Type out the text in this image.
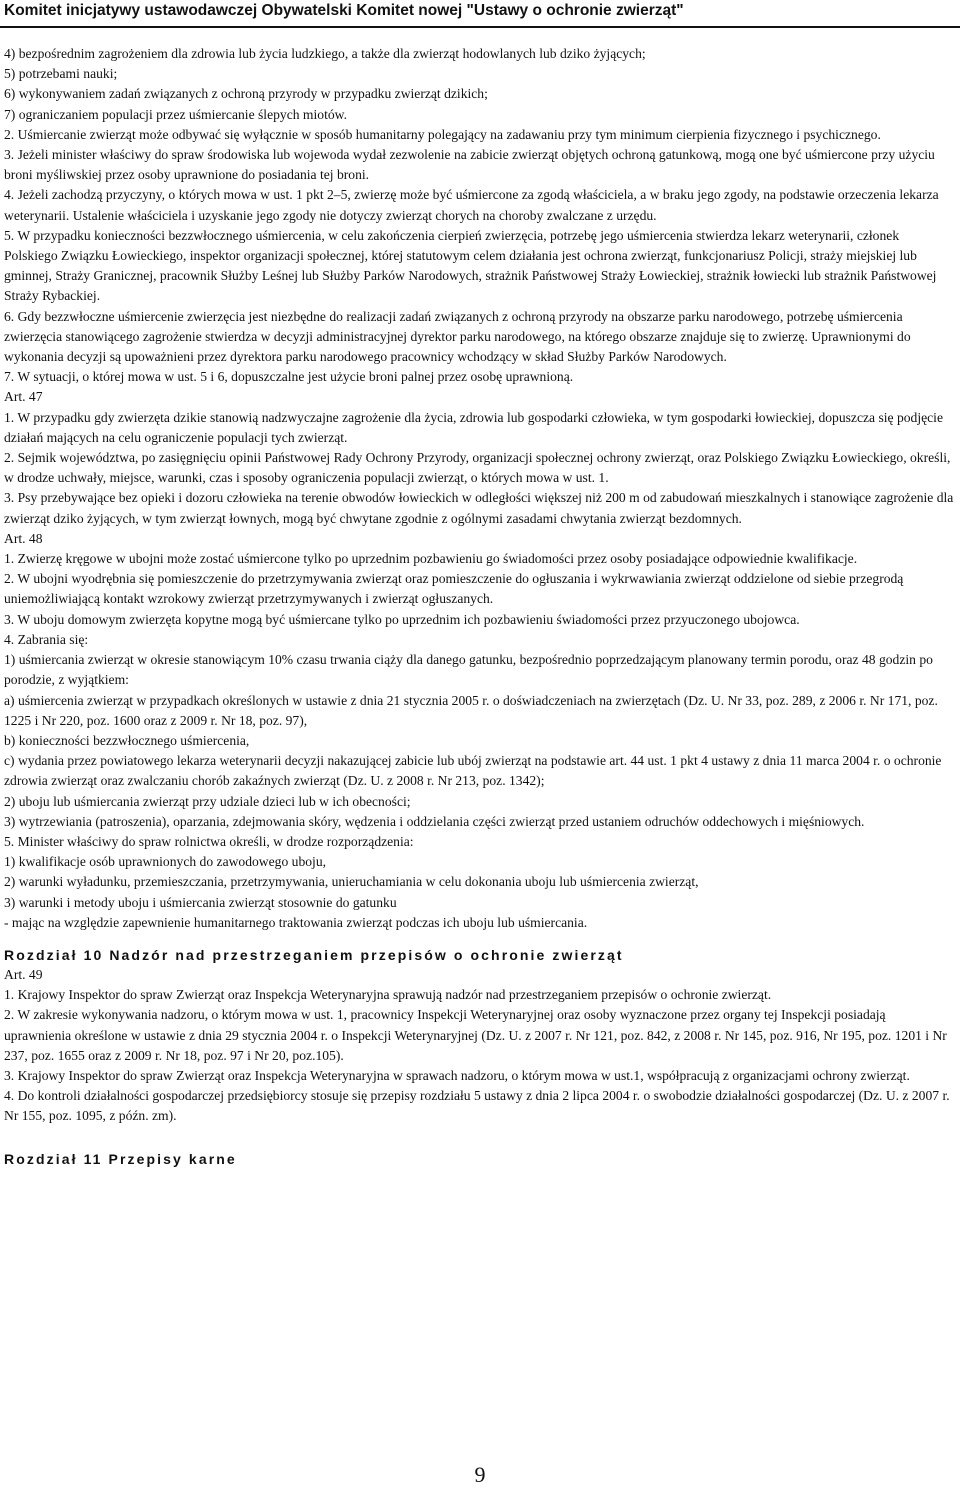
Komitet inicjatywy ustawodawczej Obywatelski Komitet nowej "Ustawy o ochronie zwierząt"
4) bezpośrednim zagrożeniem dla zdrowia lub życia ludzkiego, a także dla zwierząt hodowlanych lub dziko żyjących;
5) potrzebami nauki;
6) wykonywaniem zadań związanych z ochroną przyrody w przypadku zwierząt dzikich;
7) ograniczaniem populacji przez uśmiercanie ślepych miotów.
2. Uśmiercanie zwierząt może odbywać się wyłącznie w sposób humanitarny polegający na zadawaniu przy tym minimum cierpienia fizycznego i psychicznego.
3. Jeżeli minister właściwy do spraw środowiska lub wojewoda wydał zezwolenie na zabicie zwierząt objętych ochroną gatunkową, mogą one być uśmiercone przy użyciu broni myśliwskiej przez osoby uprawnione do posiadania tej broni.
4. Jeżeli zachodzą przyczyny, o których mowa w ust. 1 pkt 2–5, zwierzę może być uśmiercone za zgodą właściciela, a w braku jego zgody, na podstawie orzeczenia lekarza weterynarii. Ustalenie właściciela i uzyskanie jego zgody nie dotyczy zwierząt chorych na choroby zwalczane z urzędu.
5. W przypadku konieczności bezzwłocznego uśmiercenia, w celu zakończenia cierpień zwierzęcia, potrzebę jego uśmiercenia stwierdza lekarz weterynarii, członek Polskiego Związku Łowieckiego, inspektor organizacji społecznej, której statutowym celem działania jest ochrona zwierząt, funkcjonariusz Policji, straży miejskiej lub gminnej, Straży Granicznej, pracownik Służby Leśnej lub Służby Parków Narodowych, strażnik Państwowej Straży Łowieckiej, strażnik łowiecki lub strażnik Państwowej Straży Rybackiej.
6. Gdy bezzwłoczne uśmiercenie zwierzęcia jest niezbędne do realizacji zadań związanych z ochroną przyrody na obszarze parku narodowego, potrzebę uśmiercenia zwierzęcia stanowiącego zagrożenie stwierdza w decyzji administracyjnej dyrektor parku narodowego, na którego obszarze znajduje się to zwierzę. Uprawnionymi do wykonania decyzji są upoważnieni przez dyrektora parku narodowego pracownicy wchodzący w skład Służby Parków Narodowych.
7. W sytuacji, o której mowa w ust. 5 i 6, dopuszczalne jest użycie broni palnej przez osobę uprawnioną.
Art. 47
1. W przypadku gdy zwierzęta dzikie stanowią nadzwyczajne zagrożenie dla życia, zdrowia lub gospodarki człowieka, w tym gospodarki łowieckiej, dopuszcza się podjęcie działań mających na celu ograniczenie populacji tych zwierząt.
2. Sejmik województwa, po zasięgnięciu opinii Państwowej Rady Ochrony Przyrody, organizacji społecznej ochrony zwierząt, oraz Polskiego Związku Łowieckiego, określi, w drodze uchwały, miejsce, warunki, czas i sposoby ograniczenia populacji zwierząt, o których mowa w ust. 1.
3. Psy przebywające bez opieki i dozoru człowieka na terenie obwodów łowieckich w odległości większej niż 200 m od zabudowań mieszkalnych i stanowiące zagrożenie dla zwierząt dziko żyjących, w tym zwierząt łownych, mogą być chwytane zgodnie z ogólnymi zasadami chwytania zwierząt bezdomnych.
Art. 48
1. Zwierzę kręgowe w ubojni może zostać uśmiercone tylko po uprzednim pozbawieniu go świadomości przez osoby posiadające odpowiednie kwalifikacje.
2. W ubojni wyodrębnia się pomieszczenie do przetrzymywania zwierząt oraz pomieszczenie do ogłuszania i wykrwawiania zwierząt oddzielone od siebie przegrodą uniemożliwiającą kontakt wzrokowy zwierząt przetrzymywanych i zwierząt ogłuszanych.
3. W uboju domowym zwierzęta kopytne mogą być uśmiercane tylko po uprzednim ich pozbawieniu świadomości przez przyuczonego ubojowca.
4. Zabrania się:
1) uśmiercania zwierząt w okresie stanowiącym 10% czasu trwania ciąży dla danego gatunku, bezpośrednio poprzedzającym planowany termin porodu, oraz 48 godzin po porodzie, z wyjątkiem:
a) uśmiercenia zwierząt w przypadkach określonych w ustawie z dnia 21 stycznia 2005 r. o doświadczeniach na zwierzętach (Dz. U. Nr 33, poz. 289, z 2006 r. Nr 171, poz. 1225 i Nr 220, poz. 1600 oraz z 2009 r. Nr 18, poz. 97),
b) konieczności bezzwłocznego uśmiercenia,
c) wydania przez powiatowego lekarza weterynarii decyzji nakazującej zabicie lub ubój zwierząt na podstawie art. 44 ust. 1 pkt 4 ustawy z dnia 11 marca 2004 r. o ochronie zdrowia zwierząt oraz zwalczaniu chorób zakaźnych zwierząt (Dz. U. z 2008 r. Nr 213, poz. 1342);
2) uboju lub uśmiercania zwierząt przy udziale dzieci lub w ich obecności;
3) wytrzewiania (patroszenia), oparzania, zdejmowania skóry, wędzenia i oddzielania części zwierząt przed ustaniem odruchów oddechowych i mięśniowych.
5. Minister właściwy do spraw rolnictwa określi, w drodze rozporządzenia:
1) kwalifikacje osób uprawnionych do zawodowego uboju,
2) warunki wyładunku, przemieszczania, przetrzymywania, unieruchamiania w celu dokonania uboju lub uśmiercenia zwierząt,
3) warunki i metody uboju i uśmiercania zwierząt stosownie do gatunku
- mając na względzie zapewnienie humanitarnego traktowania zwierząt podczas ich uboju lub uśmiercania.
Rozdział 10 Nadzór nad przestrzeganiem przepisów o ochronie zwierząt
Art. 49
1. Krajowy Inspektor do spraw Zwierząt oraz Inspekcja Weterynaryjna sprawują nadzór nad przestrzeganiem przepisów o ochronie zwierząt.
2. W zakresie wykonywania nadzoru, o którym mowa w ust. 1, pracownicy Inspekcji Weterynaryjnej oraz osoby wyznaczone przez organy tej Inspekcji posiadają uprawnienia określone w ustawie z dnia 29 stycznia 2004 r. o Inspekcji Weterynaryjnej (Dz. U. z 2007 r. Nr 121, poz. 842, z 2008 r. Nr 145, poz. 916, Nr 195, poz. 1201 i Nr 237, poz. 1655 oraz z 2009 r. Nr 18, poz. 97 i Nr 20, poz.105).
3. Krajowy Inspektor do spraw Zwierząt oraz Inspekcja Weterynaryjna w sprawach nadzoru, o którym mowa w ust.1, współpracują z organizacjami ochrony zwierząt.
4. Do kontroli działalności gospodarczej przedsiębiorcy stosuje się przepisy rozdziału 5 ustawy z dnia 2 lipca 2004 r. o swobodzie działalności gospodarczej (Dz. U. z 2007 r. Nr 155, poz. 1095, z późn. zm).
Rozdział 11 Przepisy karne
9
